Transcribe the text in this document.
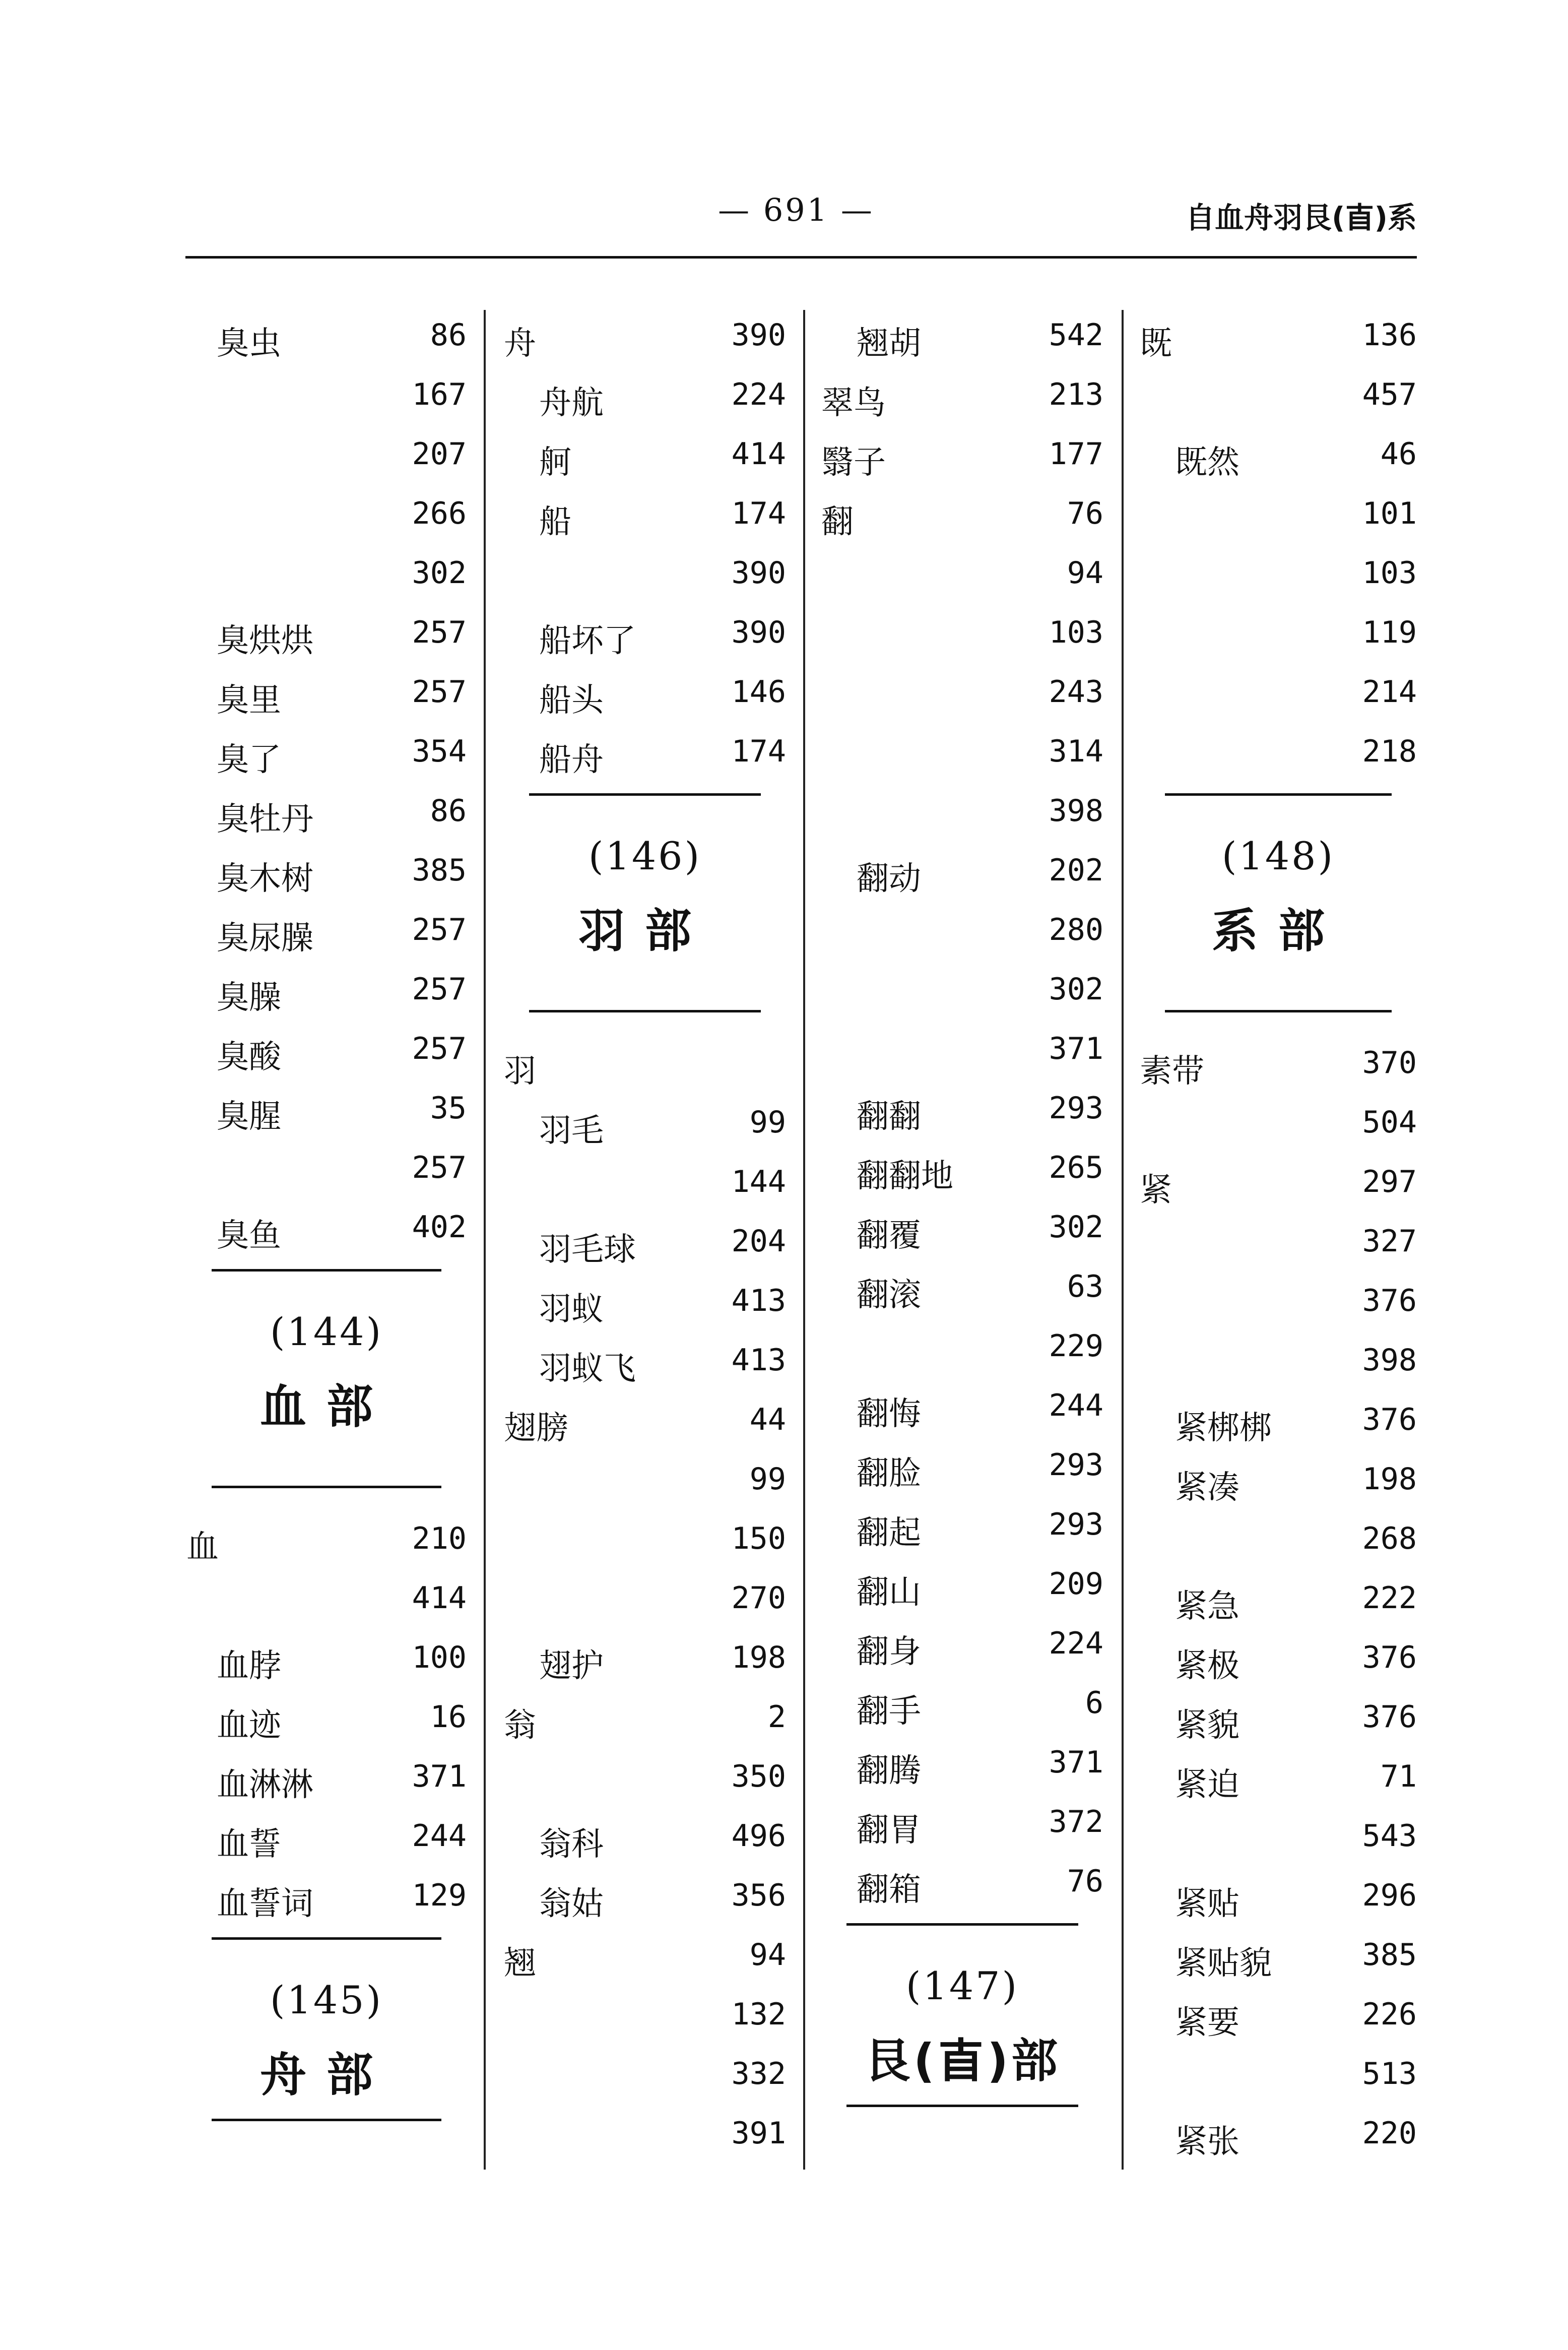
— 691 —	自血舟羽艮(𥃭)系
臭虫	86
167
207
266
302
臭烘烘	257
臭里	257
臭了	354
臭牡丹	86
臭木树	385
臭尿臊	257
臭臊	257
臭酸	257
臭腥	35
257
臭鱼	402
(144)
血部
血	210
414
血脖	100
血迹	16
血淋淋	371
血誓	244
血誓词	129
(145)
舟部
舟	390
舟航	224
舸	414
船	174
390
船坏了	390
船头	146
船舟	174
(146)
羽部
羽
羽毛	99
144
羽毛球	204
羽蚁	413
羽蚁飞	413
翅膀	44
99
150
270
翅护	198
翁	2
350
翁科	496
翁姑	356
翘	94
132
332
391
翘胡	542
翠鸟	213
翳子	177
翻	76
94
103
243
314
398
翻动	202
280
302
371
翻翻	293
翻翻地	265
翻覆	302
翻滚	63
229
翻悔	244
翻脸	293
翻起	293
翻山	209
翻身	224
翻手	6
翻腾	371
翻胃	372
翻箱	76
(147)
艮(𥃭)部
既	136
457
既然	46
101
103
119
214
218
(148)
系部
素带	370
504
紧	297
327
376
398
紧梆梆	376
紧凑	198
268
紧急	222
紧极	376
紧貌	376
紧迫	71
543
紧贴	296
紧贴貌	385
紧要	226
513
紧张	220
